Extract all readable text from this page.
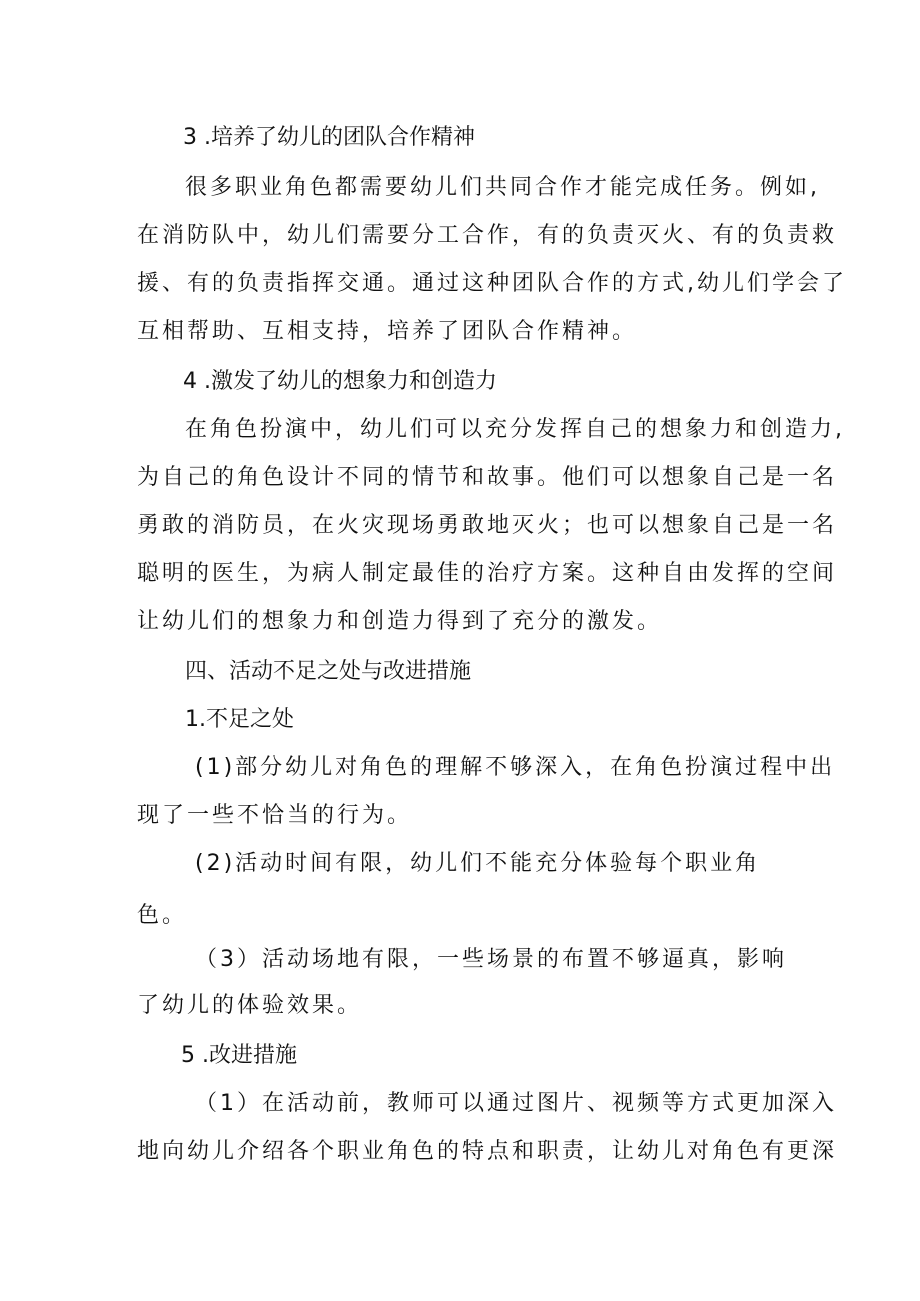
3 .培养了幼儿的团队合作精神
很多职业角色都需要幼儿们共同合作才能完成任务。例如,
在消防队中，幼儿们需要分工合作，有的负责灭火、有的负责救
援、有的负责指挥交通。通过这种团队合作的方式,幼儿们学会了
互相帮助、互相支持，培养了团队合作精神。
4 .激发了幼儿的想象力和创造力
在角色扮演中，幼儿们可以充分发挥自己的想象力和创造力,
为自己的角色设计不同的情节和故事。他们可以想象自己是一名
勇敢的消防员，在火灾现场勇敢地灭火；也可以想象自己是一名
聪明的医生，为病人制定最佳的治疗方案。这种自由发挥的空间
让幼儿们的想象力和创造力得到了充分的激发。
四、活动不足之处与改进措施
1.不足之处
(1)部分幼儿对角色的理解不够深入，在角色扮演过程中出
现了一些不恰当的行为。
(2)活动时间有限，幼儿们不能充分体验每个职业角
色。
（3）活动场地有限，一些场景的布置不够逼真，影响
了幼儿的体验效果。
5 .改进措施
（1）在活动前，教师可以通过图片、视频等方式更加深入
地向幼儿介绍各个职业角色的特点和职责，让幼儿对角色有更深
